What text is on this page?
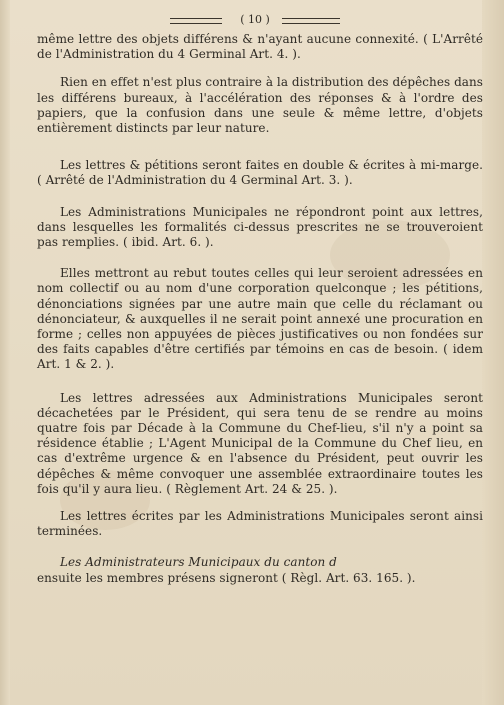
( 10 )

même lettre des objets différens & n'ayant aucune connexité. ( L'Arrêté de l'Administration du 4 Germinal Art. 4. ).

Rien en effet n'est plus contraire à la distribution des dépêches dans les différens bureaux, à l'accélération des réponses & à l'ordre des papiers, que la confusion dans une seule & même lettre, d'objets entièrement distincts par leur nature.

Les lettres & pétitions seront faites en double & écrites à mi-marge. ( Arrêté de l'Administration du 4 Germinal Art. 3. ).

Les Administrations Municipales ne répondront point aux lettres, dans lesquelles les formalités ci-dessus prescrites ne se trouveroient pas remplies. ( ibid. Art. 6. ).

Elles mettront au rebut toutes celles qui leur seroient adressées en nom collectif ou au nom d'une corporation quelconque ; les pétitions, dénonciations signées par une autre main que celle du réclamant ou dénonciateur, & auxquelles il ne serait point annexé une procuration en forme ; celles non appuyées de pièces justificatives ou non fondées sur des faits capables d'être certifiés par témoins en cas de besoin. ( idem Art. 1 & 2. ).

Les lettres adressées aux Administrations Municipales seront décachetées par le Président, qui sera tenu de se rendre au moins quatre fois par Décade à la Commune du Chef-lieu, s'il n'y a point sa résidence établie ; L'Agent Municipal de la Commune du Chef lieu, en cas d'extrême urgence & en l'absence du Président, peut ouvrir les dépêches & même convoquer une assemblée extraordinaire toutes les fois qu'il y aura lieu. ( Règlement Art. 24 & 25. ).

Les lettres écrites par les Administrations Municipales seront ainsi terminées.

Les Administrateurs Municipaux du canton d
ensuite les membres présens signeront ( Règl. Art. 63. 165. ).
